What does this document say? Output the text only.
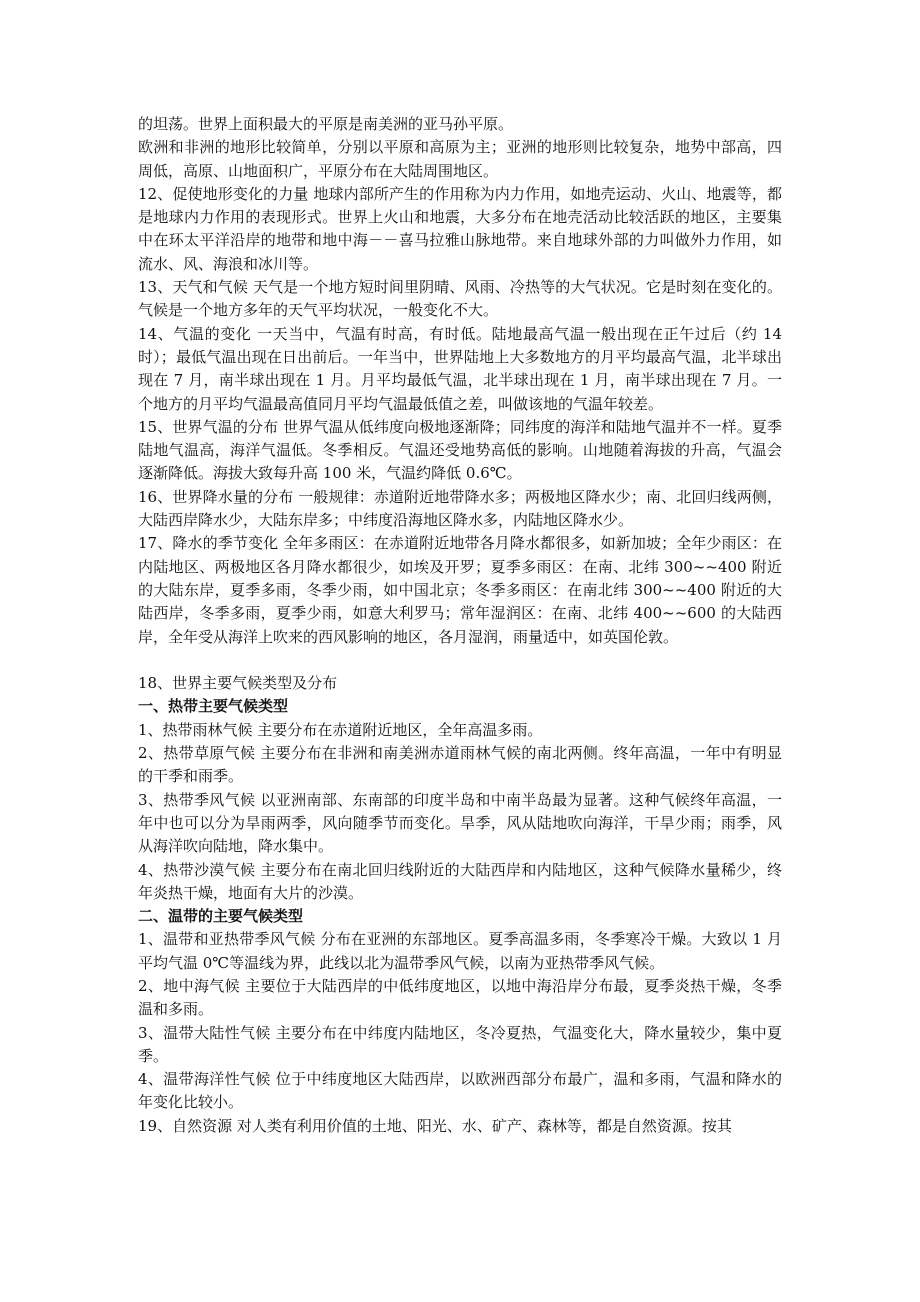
的坦荡。世界上面积最大的平原是南美洲的亚马孙平原。

欧洲和非洲的地形比较简单，分别以平原和高原为主；亚洲的地形则比较复杂，地势中部高，四周低，高原、山地面积广，平原分布在大陆周围地区。

12、促使地形变化的力量 地球内部所产生的作用称为内力作用，如地壳运动、火山、地震等，都是地球内力作用的表现形式。世界上火山和地震，大多分布在地壳活动比较活跃的地区，主要集中在环太平洋沿岸的地带和地中海－－喜马拉雅山脉地带。来自地球外部的力叫做外力作用，如流水、风、海浪和冰川等。

13、天气和气候 天气是一个地方短时间里阴晴、风雨、冷热等的大气状况。它是时刻在变化的。气候是一个地方多年的天气平均状况，一般变化不大。

14、气温的变化 一天当中，气温有时高，有时低。陆地最高气温一般出现在正午过后（约 14 时）；最低气温出现在日出前后。一年当中，世界陆地上大多数地方的月平均最高气温，北半球出现在 7 月，南半球出现在 1 月。月平均最低气温，北半球出现在 1 月，南半球出现在 7 月。一个地方的月平均气温最高值同月平均气温最低值之差，叫做该地的气温年较差。

15、世界气温的分布 世界气温从低纬度向极地逐渐降；同纬度的海洋和陆地气温并不一样。夏季陆地气温高，海洋气温低。冬季相反。气温还受地势高低的影响。山地随着海拔的升高，气温会逐渐降低。海拔大致每升高 100 米，气温约降低 0.6℃。

16、世界降水量的分布 一般规律：赤道附近地带降水多；两极地区降水少；南、北回归线两侧，大陆西岸降水少，大陆东岸多；中纬度沿海地区降水多，内陆地区降水少。

17、降水的季节变化 全年多雨区：在赤道附近地带各月降水都很多，如新加坡；全年少雨区：在内陆地区、两极地区各月降水都很少，如埃及开罗；夏季多雨区：在南、北纬 300~~400 附近的大陆东岸，夏季多雨，冬季少雨，如中国北京；冬季多雨区：在南北纬 300~~400 附近的大陆西岸，冬季多雨，夏季少雨，如意大利罗马；常年湿润区：在南、北纬 400~~600 的大陆西岸，全年受从海洋上吹来的西风影响的地区，各月湿润，雨量适中，如英国伦敦。

18、世界主要气候类型及分布

一、热带主要气候类型

1、热带雨林气候 主要分布在赤道附近地区，全年高温多雨。

2、热带草原气候 主要分布在非洲和南美洲赤道雨林气候的南北两侧。终年高温，一年中有明显的干季和雨季。

3、热带季风气候 以亚洲南部、东南部的印度半岛和中南半岛最为显著。这种气候终年高温，一年中也可以分为旱雨两季，风向随季节而变化。旱季，风从陆地吹向海洋，干旱少雨；雨季，风从海洋吹向陆地，降水集中。

4、热带沙漠气候 主要分布在南北回归线附近的大陆西岸和内陆地区，这种气候降水量稀少，终年炎热干燥，地面有大片的沙漠。

二、温带的主要气候类型

1、温带和亚热带季风气候 分布在亚洲的东部地区。夏季高温多雨，冬季寒冷干燥。大致以 1 月平均气温 0℃等温线为界，此线以北为温带季风气候，以南为亚热带季风气候。

2、地中海气候 主要位于大陆西岸的中低纬度地区，以地中海沿岸分布最，夏季炎热干燥，冬季温和多雨。

3、温带大陆性气候 主要分布在中纬度内陆地区，冬冷夏热，气温变化大，降水量较少，集中夏季。

4、温带海洋性气候 位于中纬度地区大陆西岸，以欧洲西部分布最广，温和多雨，气温和降水的年变化比较小。

19、自然资源 对人类有利用价值的土地、阳光、水、矿产、森林等，都是自然资源。按其
